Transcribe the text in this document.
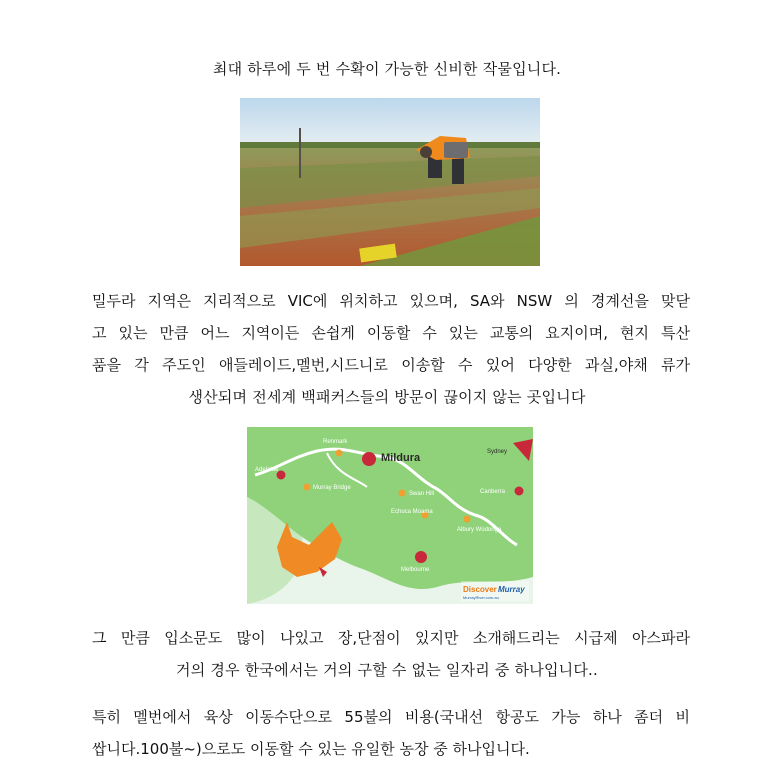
최대 하루에 두 번 수확이 가능한 신비한 작물입니다.
밀두라 지역은 지리적으로 VIC에 위치하고 있으며, SA와 NSW 의 경계선을 맞닫
고 있는 만큼 어느 지역이든 손쉽게 이동할 수 있는 교통의 요지이며, 현지 특산
품을 각 주도인 애들레이드,멜번,시드니로 이송할 수 있어 다양한 과실,야채 류가
생산되며 전세계 백패커스들의 방문이 끊이지 않는 곳입니다
Renmark
Mildura	Sydney
Adelaide
Murray Bridge
Swan Hill	Canberra
Echuca Moama
Albury Wodonga
Melbourne
Discover Murray
MurrayRiver.com.au
그 만큼 입소문도 많이 나있고 장,단점이 있지만 소개해드리는 시급제 아스파라
거의 경우 한국에서는 거의 구할 수 없는 일자리 중 하나입니다..
특히 멜번에서 육상 이동수단으로 55불의 비용(국내선 항공도 가능 하나 좀더 비
쌉니다.100불~)으로도 이동할 수 있는 유일한 농장 중 하나입니다.
